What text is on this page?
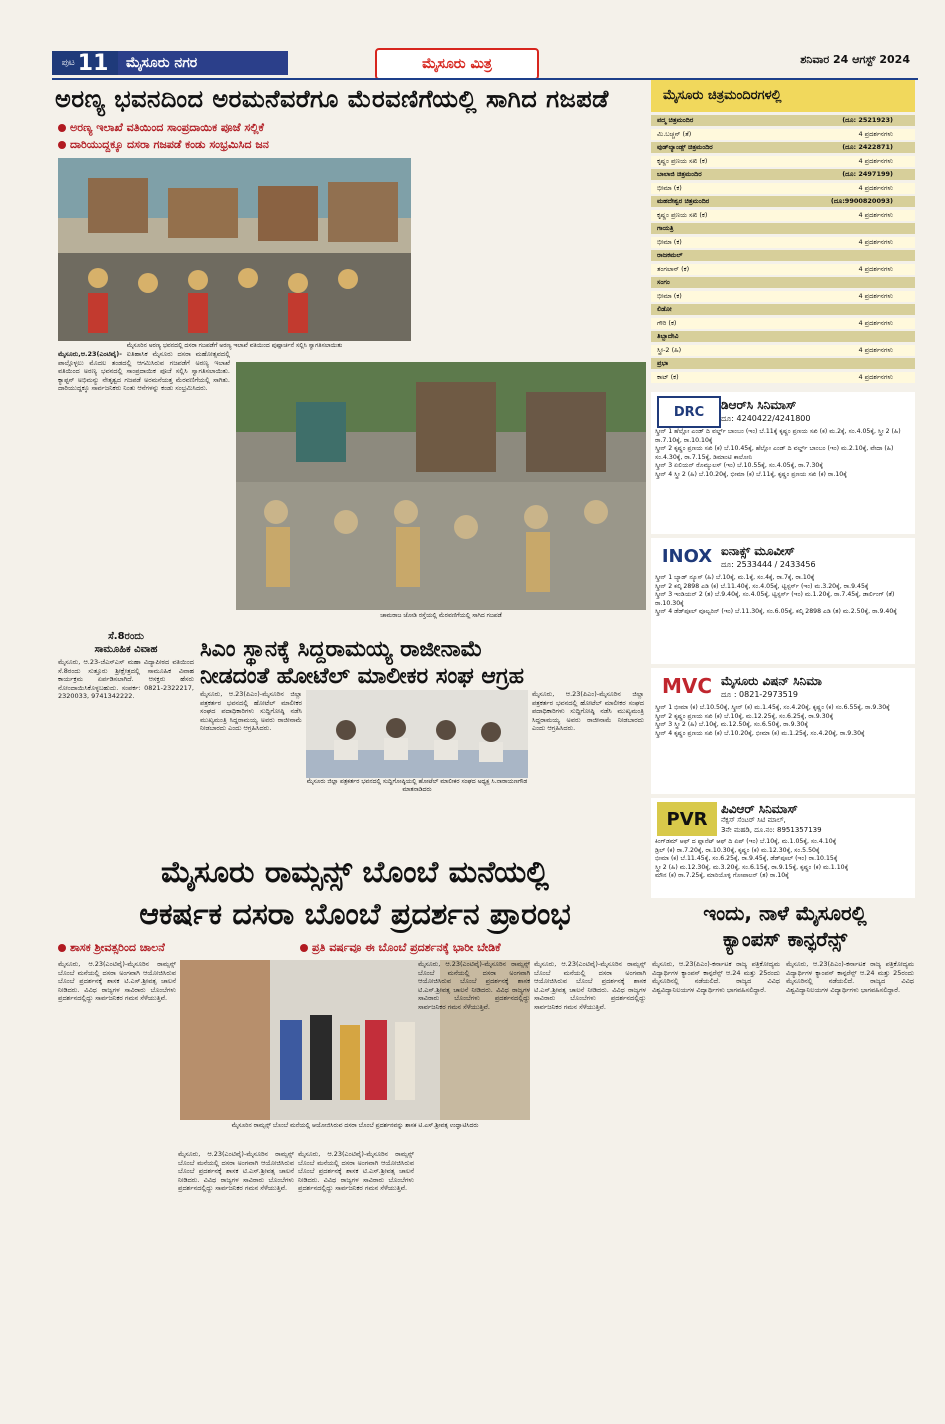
ಪುಟ 11	ಮೈಸೂರು ನಗರ	ಮೈಸೂರು ಮಿತ್ರ	ಶನಿವಾರ 24 ಆಗಸ್ಟ್ 2024
ಅರಣ್ಯ ಭವನದಿಂದ ಅರಮನೆವರೆಗೂ ಮೆರವಣಿಗೆಯಲ್ಲಿ ಸಾಗಿದ ಗಜಪಡೆ
ಅರಣ್ಯ ಇಲಾಖೆ ವತಿಯಿಂದ ಸಾಂಪ್ರದಾಯಿಕ ಪೂಜೆ ಸಲ್ಲಿಕೆ
ದಾರಿಯುದ್ದಕ್ಕೂ ದಸರಾ ಗಜಪಡೆ ಕಂಡು ಸಂಭ್ರಮಿಸಿದ ಜನ
ಮೈಸೂರಿನ ಅರಣ್ಯ ಭವನದಲ್ಲಿ ದಸರಾ ಗಜಪಡೆಗೆ ಅರಣ್ಯ ಇಲಾಖೆ ವತಿಯಿಂದ ಪುಷ್ಪಾರ್ಚನೆ ಸಲ್ಲಿಸಿ ಸ್ವಾಗತಿಸಲಾಯಿತು
ಚಾಮರಾಜ ಜೋಡಿ ರಸ್ತೆಯಲ್ಲಿ ಮೆರವಣಿಗೆಯಲ್ಲಿ ಸಾಗಿದ ಗಜಪಡೆ
ಮೈಸೂರು,ಆ.23(ಎಂಟಿವೈ)- ಐತಿಹಾಸಿಕ ಮೈಸೂರು ದಸರಾ ಮಹೋತ್ಸವದಲ್ಲಿ ಪಾಲ್ಗೊಳ್ಳಲು ಮೊದಲ ತಂಡದಲ್ಲಿ ಆಗಮಿಸಿರುವ ಗಜಪಡೆಗೆ ಅರಣ್ಯ ಇಲಾಖೆ ವತಿಯಿಂದ ಅರಣ್ಯ ಭವನದಲ್ಲಿ ಸಾಂಪ್ರದಾಯಿಕ ಪೂಜೆ ಸಲ್ಲಿಸಿ ಸ್ವಾಗತಿಸಲಾಯಿತು. ಕ್ಯಾಪ್ಟನ್ ಅಭಿಮನ್ಯು ನೇತೃತ್ವದ ಗಜಪಡೆ ಅರಮನೆಯತ್ತ ಮೆರವಣಿಗೆಯಲ್ಲಿ ಸಾಗಿತು. ದಾರಿಯುದ್ದಕ್ಕೂ ಸಾರ್ವಜನಿಕರು ನಿಂತು ಆನೆಗಳನ್ನು ಕಂಡು ಸಂಭ್ರಮಿಸಿದರು.
ಸೆ.8ರಂದು
ಸಾಮೂಹಿಕ ವಿವಾಹ
ಮೈಸೂರು, ಆ.23-ಜೆಎಸ್‌ಎಸ್ ಮಹಾ ವಿದ್ಯಾಪೀಠದ ವತಿಯಿಂದ ಸೆ.8ರಂದು ಸುತ್ತೂರು ಶ್ರೀಕ್ಷೇತ್ರದಲ್ಲಿ ಸಾಮೂಹಿಕ ವಿವಾಹ ಕಾರ್ಯಕ್ರಮ ಏರ್ಪಡಿಸಲಾಗಿದೆ. ಆಸಕ್ತರು ಹೆಸರು ನೋಂದಾಯಿಸಿಕೊಳ್ಳಬಹುದು. ಸಂಪರ್ಕ: 0821-2322217, 2320033, 9741342222.
ಸಿಎಂ ಸ್ಥಾನಕ್ಕೆ ಸಿದ್ದರಾಮಯ್ಯ ರಾಜೀನಾಮೆ
ನೀಡದಂತೆ ಹೋಟೆಲ್ ಮಾಲೀಕರ ಸಂಘ ಆಗ್ರಹ
ಮೈಸೂರು ಜಿಲ್ಲಾ ಪತ್ರಕರ್ತರ ಭವನದಲ್ಲಿ ಸುದ್ದಿಗೋಷ್ಠಿಯಲ್ಲಿ ಹೋಟೆಲ್ ಮಾಲೀಕರ ಸಂಘದ ಅಧ್ಯಕ್ಷ ಸಿ.ನಾರಾಯಣಗೌಡ ಮಾತನಾಡಿದರು
ಮೈಸೂರು, ಆ.23(ಪಿಎಂ)-ಮೈಸೂರಿನ ಜಿಲ್ಲಾ ಪತ್ರಕರ್ತರ ಭವನದಲ್ಲಿ ಹೋಟೆಲ್ ಮಾಲೀಕರ ಸಂಘದ ಪದಾಧಿಕಾರಿಗಳು ಸುದ್ದಿಗೋಷ್ಠಿ ನಡೆಸಿ ಮುಖ್ಯಮಂತ್ರಿ ಸಿದ್ದರಾಮಯ್ಯ ಅವರು ರಾಜೀನಾಮೆ ನೀಡಬಾರದು ಎಂದು ಆಗ್ರಹಿಸಿದರು.
ಮೈಸೂರು, ಆ.23(ಪಿಎಂ)-ಮೈಸೂರಿನ ಜಿಲ್ಲಾ ಪತ್ರಕರ್ತರ ಭವನದಲ್ಲಿ ಹೋಟೆಲ್ ಮಾಲೀಕರ ಸಂಘದ ಪದಾಧಿಕಾರಿಗಳು ಸುದ್ದಿಗೋಷ್ಠಿ ನಡೆಸಿ ಮುಖ್ಯಮಂತ್ರಿ ಸಿದ್ದರಾಮಯ್ಯ ಅವರು ರಾಜೀನಾಮೆ ನೀಡಬಾರದು ಎಂದು ಆಗ್ರಹಿಸಿದರು.
ಮೈಸೂರು ರಾಮ್ಸನ್ಸ್ ಬೊಂಬೆ ಮನೆಯಲ್ಲಿ
ಆಕರ್ಷಕ ದಸರಾ ಬೊಂಬೆ ಪ್ರದರ್ಶನ ಪ್ರಾರಂಭ
ಶಾಸಕ ಶ್ರೀವತ್ಸರಿಂದ ಚಾಲನೆ	ಪ್ರತಿ ವರ್ಷವೂ ಈ ಬೊಂಬೆ ಪ್ರದರ್ಶನಕ್ಕೆ ಭಾರೀ ಬೇಡಿಕೆ
ಮೈಸೂರಿನ ರಾಮ್ಸನ್ಸ್ ಬೊಂಬೆ ಮನೆಯಲ್ಲಿ ಆಯೋಜಿಸಿರುವ ದಸರಾ ಬೊಂಬೆ ಪ್ರದರ್ಶನವನ್ನು ಶಾಸಕ ಟಿ.ಎಸ್.ಶ್ರೀವತ್ಸ ಉದ್ಘಾಟಿಸಿದರು
ಮೈಸೂರು, ಆ.23(ಎಂಟಿವೈ)-ಮೈಸೂರಿನ ರಾಮ್ಸನ್ಸ್ ಬೊಂಬೆ ಮನೆಯಲ್ಲಿ ದಸರಾ ಅಂಗವಾಗಿ ಆಯೋಜಿಸಿರುವ ಬೊಂಬೆ ಪ್ರದರ್ಶನಕ್ಕೆ ಶಾಸಕ ಟಿ.ಎಸ್.ಶ್ರೀವತ್ಸ ಚಾಲನೆ ನೀಡಿದರು. ವಿವಿಧ ರಾಜ್ಯಗಳ ಸಾವಿರಾರು ಬೊಂಬೆಗಳು ಪ್ರದರ್ಶನದಲ್ಲಿದ್ದು ಸಾರ್ವಜನಿಕರ ಗಮನ ಸೆಳೆಯುತ್ತಿವೆ.
ಮೈಸೂರು, ಆ.23(ಎಂಟಿವೈ)-ಮೈಸೂರಿನ ರಾಮ್ಸನ್ಸ್ ಬೊಂಬೆ ಮನೆಯಲ್ಲಿ ದಸರಾ ಅಂಗವಾಗಿ ಆಯೋಜಿಸಿರುವ ಬೊಂಬೆ ಪ್ರದರ್ಶನಕ್ಕೆ ಶಾಸಕ ಟಿ.ಎಸ್.ಶ್ರೀವತ್ಸ ಚಾಲನೆ ನೀಡಿದರು. ವಿವಿಧ ರಾಜ್ಯಗಳ ಸಾವಿರಾರು ಬೊಂಬೆಗಳು ಪ್ರದರ್ಶನದಲ್ಲಿದ್ದು ಸಾರ್ವಜನಿಕರ ಗಮನ ಸೆಳೆಯುತ್ತಿವೆ.
ಮೈಸೂರು, ಆ.23(ಎಂಟಿವೈ)-ಮೈಸೂರಿನ ರಾಮ್ಸನ್ಸ್ ಬೊಂಬೆ ಮನೆಯಲ್ಲಿ ದಸರಾ ಅಂಗವಾಗಿ ಆಯೋಜಿಸಿರುವ ಬೊಂಬೆ ಪ್ರದರ್ಶನಕ್ಕೆ ಶಾಸಕ ಟಿ.ಎಸ್.ಶ್ರೀವತ್ಸ ಚಾಲನೆ ನೀಡಿದರು. ವಿವಿಧ ರಾಜ್ಯಗಳ ಸಾವಿರಾರು ಬೊಂಬೆಗಳು ಪ್ರದರ್ಶನದಲ್ಲಿದ್ದು ಸಾರ್ವಜನಿಕರ ಗಮನ ಸೆಳೆಯುತ್ತಿವೆ.
ಮೈಸೂರು, ಆ.23(ಎಂಟಿವೈ)-ಮೈಸೂರಿನ ರಾಮ್ಸನ್ಸ್ ಬೊಂಬೆ ಮನೆಯಲ್ಲಿ ದಸರಾ ಅಂಗವಾಗಿ ಆಯೋಜಿಸಿರುವ ಬೊಂಬೆ ಪ್ರದರ್ಶನಕ್ಕೆ ಶಾಸಕ ಟಿ.ಎಸ್.ಶ್ರೀವತ್ಸ ಚಾಲನೆ ನೀಡಿದರು. ವಿವಿಧ ರಾಜ್ಯಗಳ ಸಾವಿರಾರು ಬೊಂಬೆಗಳು ಪ್ರದರ್ಶನದಲ್ಲಿದ್ದು ಸಾರ್ವಜನಿಕರ ಗಮನ ಸೆಳೆಯುತ್ತಿವೆ.
ಮೈಸೂರು, ಆ.23(ಎಂಟಿವೈ)-ಮೈಸೂರಿನ ರಾಮ್ಸನ್ಸ್ ಬೊಂಬೆ ಮನೆಯಲ್ಲಿ ದಸರಾ ಅಂಗವಾಗಿ ಆಯೋಜಿಸಿರುವ ಬೊಂಬೆ ಪ್ರದರ್ಶನಕ್ಕೆ ಶಾಸಕ ಟಿ.ಎಸ್.ಶ್ರೀವತ್ಸ ಚಾಲನೆ ನೀಡಿದರು. ವಿವಿಧ ರಾಜ್ಯಗಳ ಸಾವಿರಾರು ಬೊಂಬೆಗಳು ಪ್ರದರ್ಶನದಲ್ಲಿದ್ದು ಸಾರ್ವಜನಿಕರ ಗಮನ ಸೆಳೆಯುತ್ತಿವೆ.
ಇಂದು, ನಾಳೆ ಮೈಸೂರಲ್ಲಿ
ಕ್ಯಾಂಪಸ್ ಕಾನ್ಫರೆನ್ಸ್
ಮೈಸೂರು, ಆ.23(ಪಿಎಂ)-ಕರ್ನಾಟಕ ರಾಜ್ಯ ಪತ್ರಿಕೋದ್ಯಮ ವಿದ್ಯಾರ್ಥಿಗಳ ಕ್ಯಾಂಪಸ್ ಕಾನ್ಫರೆನ್ಸ್ ಆ.24 ಮತ್ತು 25ರಂದು ಮೈಸೂರಿನಲ್ಲಿ ನಡೆಯಲಿದೆ. ರಾಜ್ಯದ ವಿವಿಧ ವಿಶ್ವವಿದ್ಯಾನಿಲಯಗಳ ವಿದ್ಯಾರ್ಥಿಗಳು ಭಾಗವಹಿಸಲಿದ್ದಾರೆ.
ಮೈಸೂರು, ಆ.23(ಪಿಎಂ)-ಕರ್ನಾಟಕ ರಾಜ್ಯ ಪತ್ರಿಕೋದ್ಯಮ ವಿದ್ಯಾರ್ಥಿಗಳ ಕ್ಯಾಂಪಸ್ ಕಾನ್ಫರೆನ್ಸ್ ಆ.24 ಮತ್ತು 25ರಂದು ಮೈಸೂರಿನಲ್ಲಿ ನಡೆಯಲಿದೆ. ರಾಜ್ಯದ ವಿವಿಧ ವಿಶ್ವವಿದ್ಯಾನಿಲಯಗಳ ವಿದ್ಯಾರ್ಥಿಗಳು ಭಾಗವಹಿಸಲಿದ್ದಾರೆ.
ಮೈಸೂರು ಚಿತ್ರಮಂದಿರಗಳಲ್ಲಿ
ಪದ್ಮ ಚಿತ್ರಮಂದಿರ	(ದೂ: 2521923)
ಮಿ.ಬಚ್ಚನ್ (ತೆ)	4 ಪ್ರದರ್ಶನಗಳು
ವುಡ್‌ಲ್ಯಾಂಡ್ಸ್ ಚಿತ್ರಮಂದಿರ	(ದೂ: 2422871)
ಕೃಷ್ಣಂ ಪ್ರಣಯ ಸಖಿ (ಕ)	4 ಪ್ರದರ್ಶನಗಳು
ಬಾಲಾಜಿ ಚಿತ್ರಮಂದಿರ	(ದೂ: 2497199)
ಭೀಮಾ (ಕ)	4 ಪ್ರದರ್ಶನಗಳು
ಮಹದೇಶ್ವರ ಚಿತ್ರಮಂದಿರ	(ದೂ:9900820093)
ಕೃಷ್ಣಂ ಪ್ರಣಯ ಸಖಿ (ಕ)	4 ಪ್ರದರ್ಶನಗಳು
ಗಾಯತ್ರಿ
ಭೀಮಾ (ಕ)	4 ಪ್ರದರ್ಶನಗಳು
ರಾಜಕಮಲ್
ತಂಗಲಾನ್ (ಕ)	4 ಪ್ರದರ್ಶನಗಳು
ಸಂಗಂ
ಭೀಮಾ (ಕ)	4 ಪ್ರದರ್ಶನಗಳು
ಲಿಡೋ
ಗೌರಿ (ಕ)	4 ಪ್ರದರ್ಶನಗಳು
ತಿಬ್ಬಾದೇವಿ
ಸ್ತ್ರೀ-2 (ಹಿ)	4 ಪ್ರದರ್ಶನಗಳು
ಪ್ರಭಾ
ಕಾಟ್ (ಕ)	4 ಪ್ರದರ್ಶನಗಳು
DRC ಡಿಆರ್‌ಸಿ ಸಿನಿಮಾಸ್
ದೂ: 4240422/4241800
ಸ್ಕ್ರೀನ್ 1 ಹೆಲ್ಲೋ ಎಂಡ್ ದಿ ವರ್ಲ್ಡ್ ಬಾಂಬಂ (ಇಂ) ಬೆ.11ಕ್ಕೆ ಕೃಷ್ಣಂ ಪ್ರಣಯ ಸಖಿ (ಕ) ಮ.2ಕ್ಕೆ, ಸಂ.4.05ಕ್ಕೆ, ಸ್ತ್ರೀ 2 (ಹಿ) ರಾ.7.10ಕ್ಕೆ, ರಾ.10.10ಕ್ಕೆ
ಸ್ಕ್ರೀನ್ 2 ಕೃಷ್ಣಂ ಪ್ರಣಯ ಸಖಿ (ಕ) ಬೆ.10.45ಕ್ಕೆ, ಹೆಲ್ಲೋ ಎಂಡ್ ದಿ ವರ್ಲ್ಡ್ ಬಾಂಬಂ (ಇಂ) ಮ.2.10ಕ್ಕೆ, ವೇದಾ (ಹಿ) ಸಂ.4.30ಕ್ಕೆ, ರಾ.7.15ಕ್ಕೆ, ಡಿಮಾಂಟಿ ಕಾಲೋನಿ
ಸ್ಕ್ರೀನ್ 3 ಏಲಿಯನ್ ರೊಮ್ಯುಲಸ್ (ಇಂ) ಬೆ.10.55ಕ್ಕೆ, ಸಂ.4.05ಕ್ಕೆ, ರಾ.7.30ಕ್ಕೆ
ಸ್ಕ್ರೀನ್ 4 ಸ್ತ್ರೀ 2 (ಹಿ) ಬೆ.10.20ಕ್ಕೆ, ಭೀಮಾ (ಕ) ಬೆ.11ಕ್ಕೆ, ಕೃಷ್ಣಂ ಪ್ರಣಯ ಸಖಿ (ಕ) ರಾ.10ಕ್ಕೆ
INOX ಐನಾಕ್ಸ್ ಮೂವೀಸ್
ದೂ: 2533444 / 2433456
ಸ್ಕ್ರೀನ್ 1 ಬ್ಯಾಡ್ ನ್ಯೂಸ್ (ಹಿ) ಬೆ.10ಕ್ಕೆ, ಮ.1ಕ್ಕೆ, ಸಂ.4ಕ್ಕೆ, ರಾ.7ಕ್ಕೆ, ರಾ.10ಕ್ಕೆ
ಸ್ಕ್ರೀನ್ 2 ಕಲ್ಕಿ 2898 ಎಡಿ (ಕ) ಬೆ.11.40ಕ್ಕೆ, ಸಂ.4.05ಕ್ಕೆ, ಟ್ವಿಸ್ಟರ್ಸ್ (ಇಂ) ಮ.3.20ಕ್ಕೆ, ರಾ.9.45ಕ್ಕೆ
ಸ್ಕ್ರೀನ್ 3 ಇಂಡಿಯನ್ 2 (ತ) ಬೆ.9.40ಕ್ಕೆ, ಸಂ.4.05ಕ್ಕೆ, ಟ್ವಿಸ್ಟರ್ಸ್ (ಇಂ) ಮ.1.20ಕ್ಕೆ, ರಾ.7.45ಕ್ಕೆ, ಡಾರ್ಲಿಂಗ್ (ತೆ) ರಾ.10.30ಕ್ಕೆ
ಸ್ಕ್ರೀನ್ 4 ಡೆಡ್‌ಪೂಲ್ ವೂಲ್ವರಿನ್ (ಇಂ) ಬೆ.11.30ಕ್ಕೆ, ಸಂ.6.05ಕ್ಕೆ, ಕಲ್ಕಿ 2898 ಎಡಿ (ತ) ಮ.2.50ಕ್ಕೆ, ರಾ.9.40ಕ್ಕೆ
MVC ಮೈಸೂರು ವಿಷನ್ ಸಿನಿಮಾ
ದೂ : 0821-2973519
ಸ್ಕ್ರೀನ್ 1 ಭೀಮಾ (ಕ) ಬೆ.10.50ಕ್ಕೆ, ಸ್ಕ್ರೀನ್ (ಕ) ಮ.1.45ಕ್ಕೆ, ಸಂ.4.20ಕ್ಕೆ, ಕೃಷ್ಣಂ (ಕ) ಸಂ.6.55ಕ್ಕೆ, ರಾ.9.30ಕ್ಕೆ
ಸ್ಕ್ರೀನ್ 2 ಕೃಷ್ಣಂ ಪ್ರಣಯ ಸಖಿ (ಕ) ಬೆ.10ಕ್ಕೆ, ಮ.12.25ಕ್ಕೆ, ಸಂ.6.25ಕ್ಕೆ, ರಾ.9.30ಕ್ಕೆ
ಸ್ಕ್ರೀನ್ 3 ಸ್ತ್ರೀ 2 (ಹಿ) ಬೆ.10ಕ್ಕೆ, ಮ.12.50ಕ್ಕೆ, ಸಂ.6.50ಕ್ಕೆ, ರಾ.9.30ಕ್ಕೆ
ಸ್ಕ್ರೀನ್ 4 ಕೃಷ್ಣಂ ಪ್ರಣಯ ಸಖಿ (ಕ) ಬೆ.10.20ಕ್ಕೆ, ಭೀಮಾ (ಕ) ಮ.1.25ಕ್ಕೆ, ಸಂ.4.20ಕ್ಕೆ, ರಾ.9.30ಕ್ಕೆ
PVR ಪಿವಿಆರ್ ಸಿನಿಮಾಸ್
ನೆಕ್ಸಸ್ ಸೆಂಟರ್ ಸಿಟಿ ಮಾಲ್,
3ನೇ ಮಹಡಿ, ದೂ.ನಂ: 8951357139
ಕಿಂಗ್‌ಡಮ್ ಆಫ್ ದ ಪ್ಲಾನೆಟ್ ಆಫ್ ದಿ ಏಪ್ (ಇಂ) ಬೆ.10ಕ್ಕೆ, ಮ.1.05ಕ್ಕೆ, ಸಂ.4.10ಕ್ಕೆ
ಡ್ರಿಲ್ (ಕ) ರಾ.7.20ಕ್ಕೆ, ರಾ.10.30ಕ್ಕೆ, ಕೃಷ್ಣಂ (ಕ) ಮ.12.30ಕ್ಕೆ, ಸಂ.5.50ಕ್ಕೆ
ಭೀಮಾ (ಕ) ಬೆ.11.45ಕ್ಕೆ, ಸಂ.6.25ಕ್ಕೆ, ರಾ.9.45ಕ್ಕೆ, ಡೆಡ್‌ಪೂಲ್ (ಇಂ) ರಾ.10.15ಕ್ಕೆ
ಸ್ತ್ರೀ 2 (ಹಿ) ಮ.12.30ಕ್ಕೆ, ಮ.3.20ಕ್ಕೆ, ಸಂ.6.15ಕ್ಕೆ, ರಾ.9.15ಕ್ಕೆ, ಕೃಷ್ಣಂ (ಕ) ಮ.1.10ಕ್ಕೆ
ಮೌನ (ಕ) ರಾ.7.25ಕ್ಕೆ, ಮಾರಿಯೊಳ್ಳಿ ಗೋಪಾಲನ್ (ತ) ರಾ.10ಕ್ಕೆ
